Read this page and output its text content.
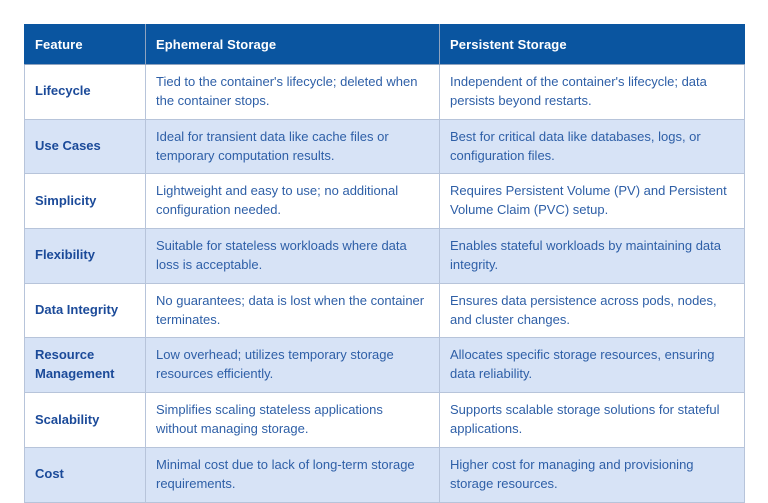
Feature	Ephemeral Storage	Persistent Storage
Lifecycle	Tied to the container's lifecycle; deleted when the container stops.	Independent of the container's lifecycle; data persists beyond restarts.
Use Cases	Ideal for transient data like cache files or temporary computation results.	Best for critical data like databases, logs, or configuration files.
Simplicity	Lightweight and easy to use; no additional configuration needed.	Requires Persistent Volume (PV) and Persistent Volume Claim (PVC) setup.
Flexibility	Suitable for stateless workloads where data loss is acceptable.	Enables stateful workloads by maintaining data integrity.
Data Integrity	No guarantees; data is lost when the container terminates.	Ensures data persistence across pods, nodes, and cluster changes.
Resource Management	Low overhead; utilizes temporary storage resources efficiently.	Allocates specific storage resources, ensuring data reliability.
Scalability	Simplifies scaling stateless applications without managing storage.	Supports scalable storage solutions for stateful applications.
Cost	Minimal cost due to lack of long-term storage requirements.	Higher cost for managing and provisioning storage resources.
